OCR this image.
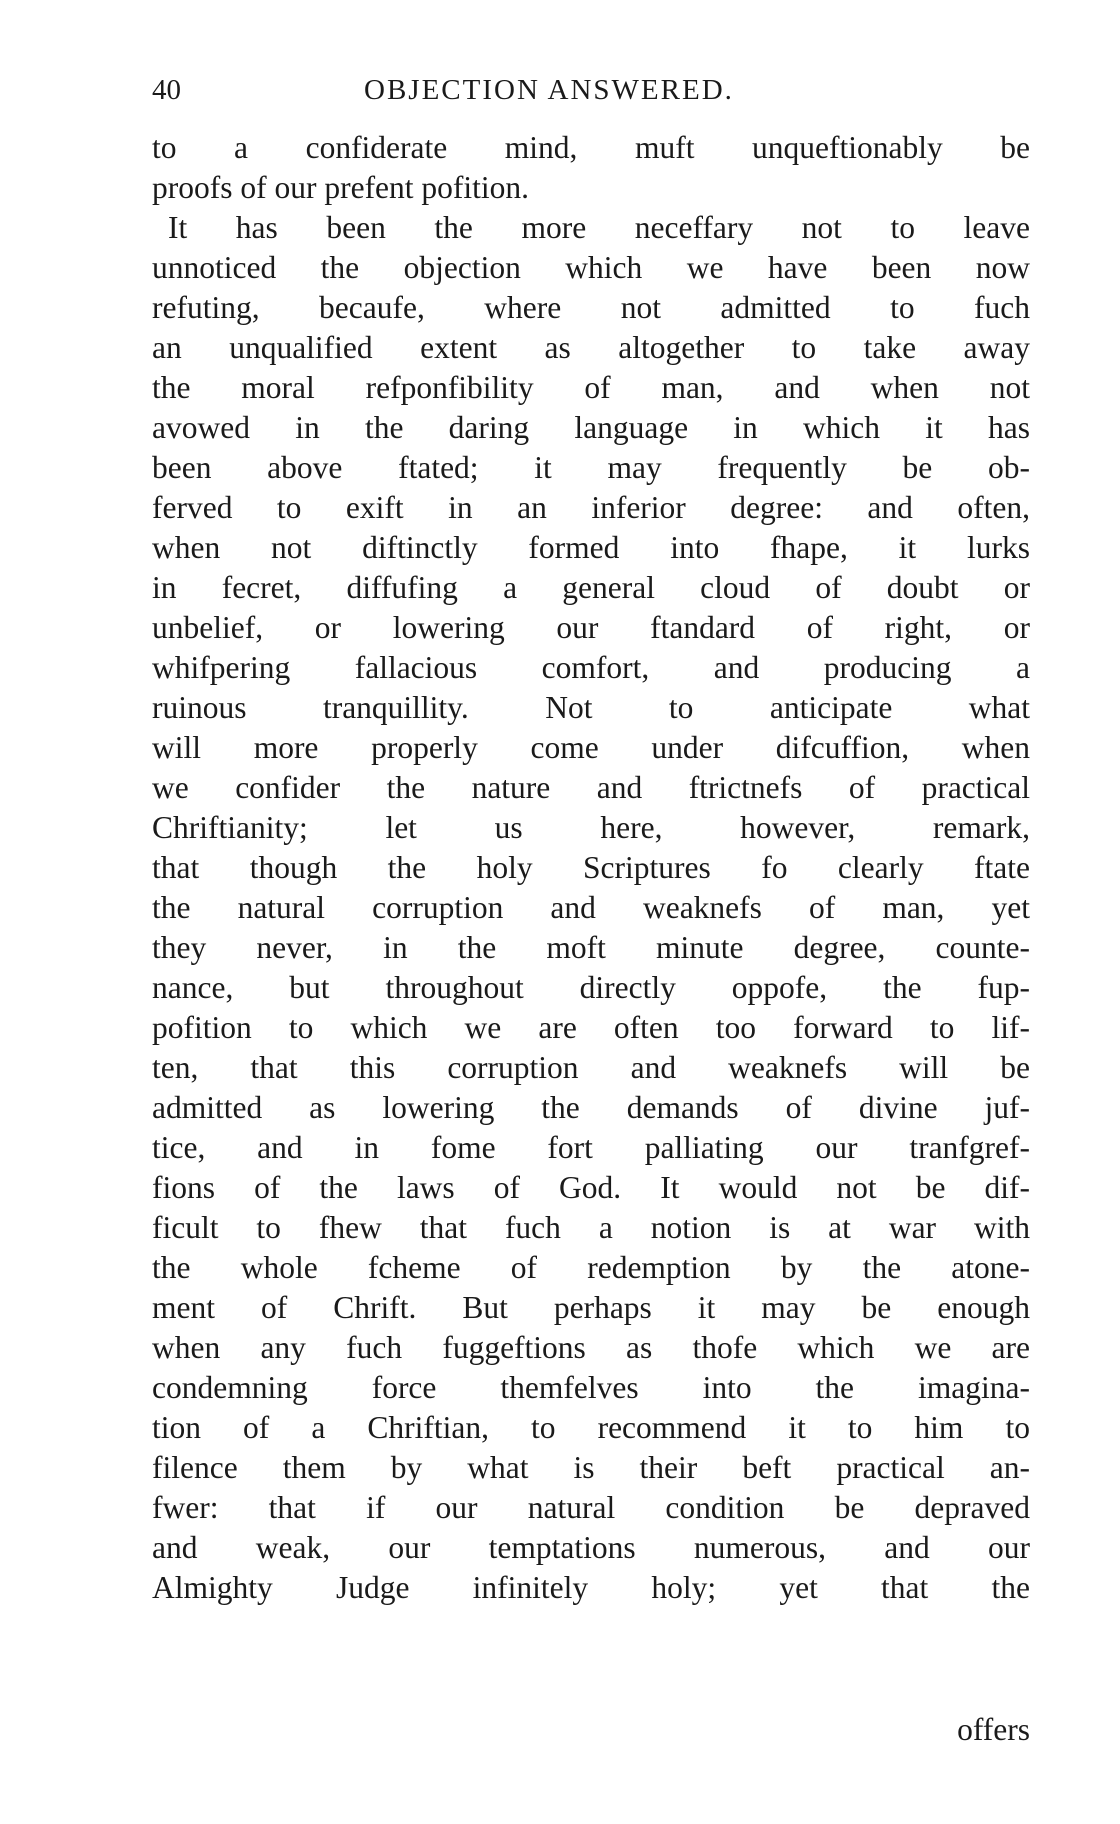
40	OBJECTION ANSWERED.
to a confiderate mind, muft unqueftionably be
proofs of our prefent pofition.
It has been the more neceffary not to leave
unnoticed the objection which we have been now
refuting, becaufe, where not admitted to fuch
an unqualified extent as altogether to take away
the moral refponfibility of man, and when not
avowed in the daring language in which it has
been above ftated; it may frequently be ob-
ferved to exift in an inferior degree: and often,
when not diftinctly formed into fhape, it lurks
in fecret, diffufing a general cloud of doubt or
unbelief, or lowering our ftandard of right, or
whifpering fallacious comfort, and producing a
ruinous tranquillity. Not to anticipate what
will more properly come under difcuffion, when
we confider the nature and ftrictnefs of practical
Chriftianity; let us here, however, remark,
that though the holy Scriptures fo clearly ftate
the natural corruption and weaknefs of man, yet
they never, in the moft minute degree, counte-
nance, but throughout directly oppofe, the fup-
pofition to which we are often too forward to lif-
ten, that this corruption and weaknefs will be
admitted as lowering the demands of divine juf-
tice, and in fome fort palliating our tranfgref-
fions of the laws of God. It would not be dif-
ficult to fhew that fuch a notion is at war with
the whole fcheme of redemption by the atone-
ment of Chrift. But perhaps it may be enough
when any fuch fuggeftions as thofe which we are
condemning force themfelves into the imagina-
tion of a Chriftian, to recommend it to him to
filence them by what is their beft practical an-
fwer: that if our natural condition be depraved
and weak, our temptations numerous, and our
Almighty Judge infinitely holy; yet that the
offers
